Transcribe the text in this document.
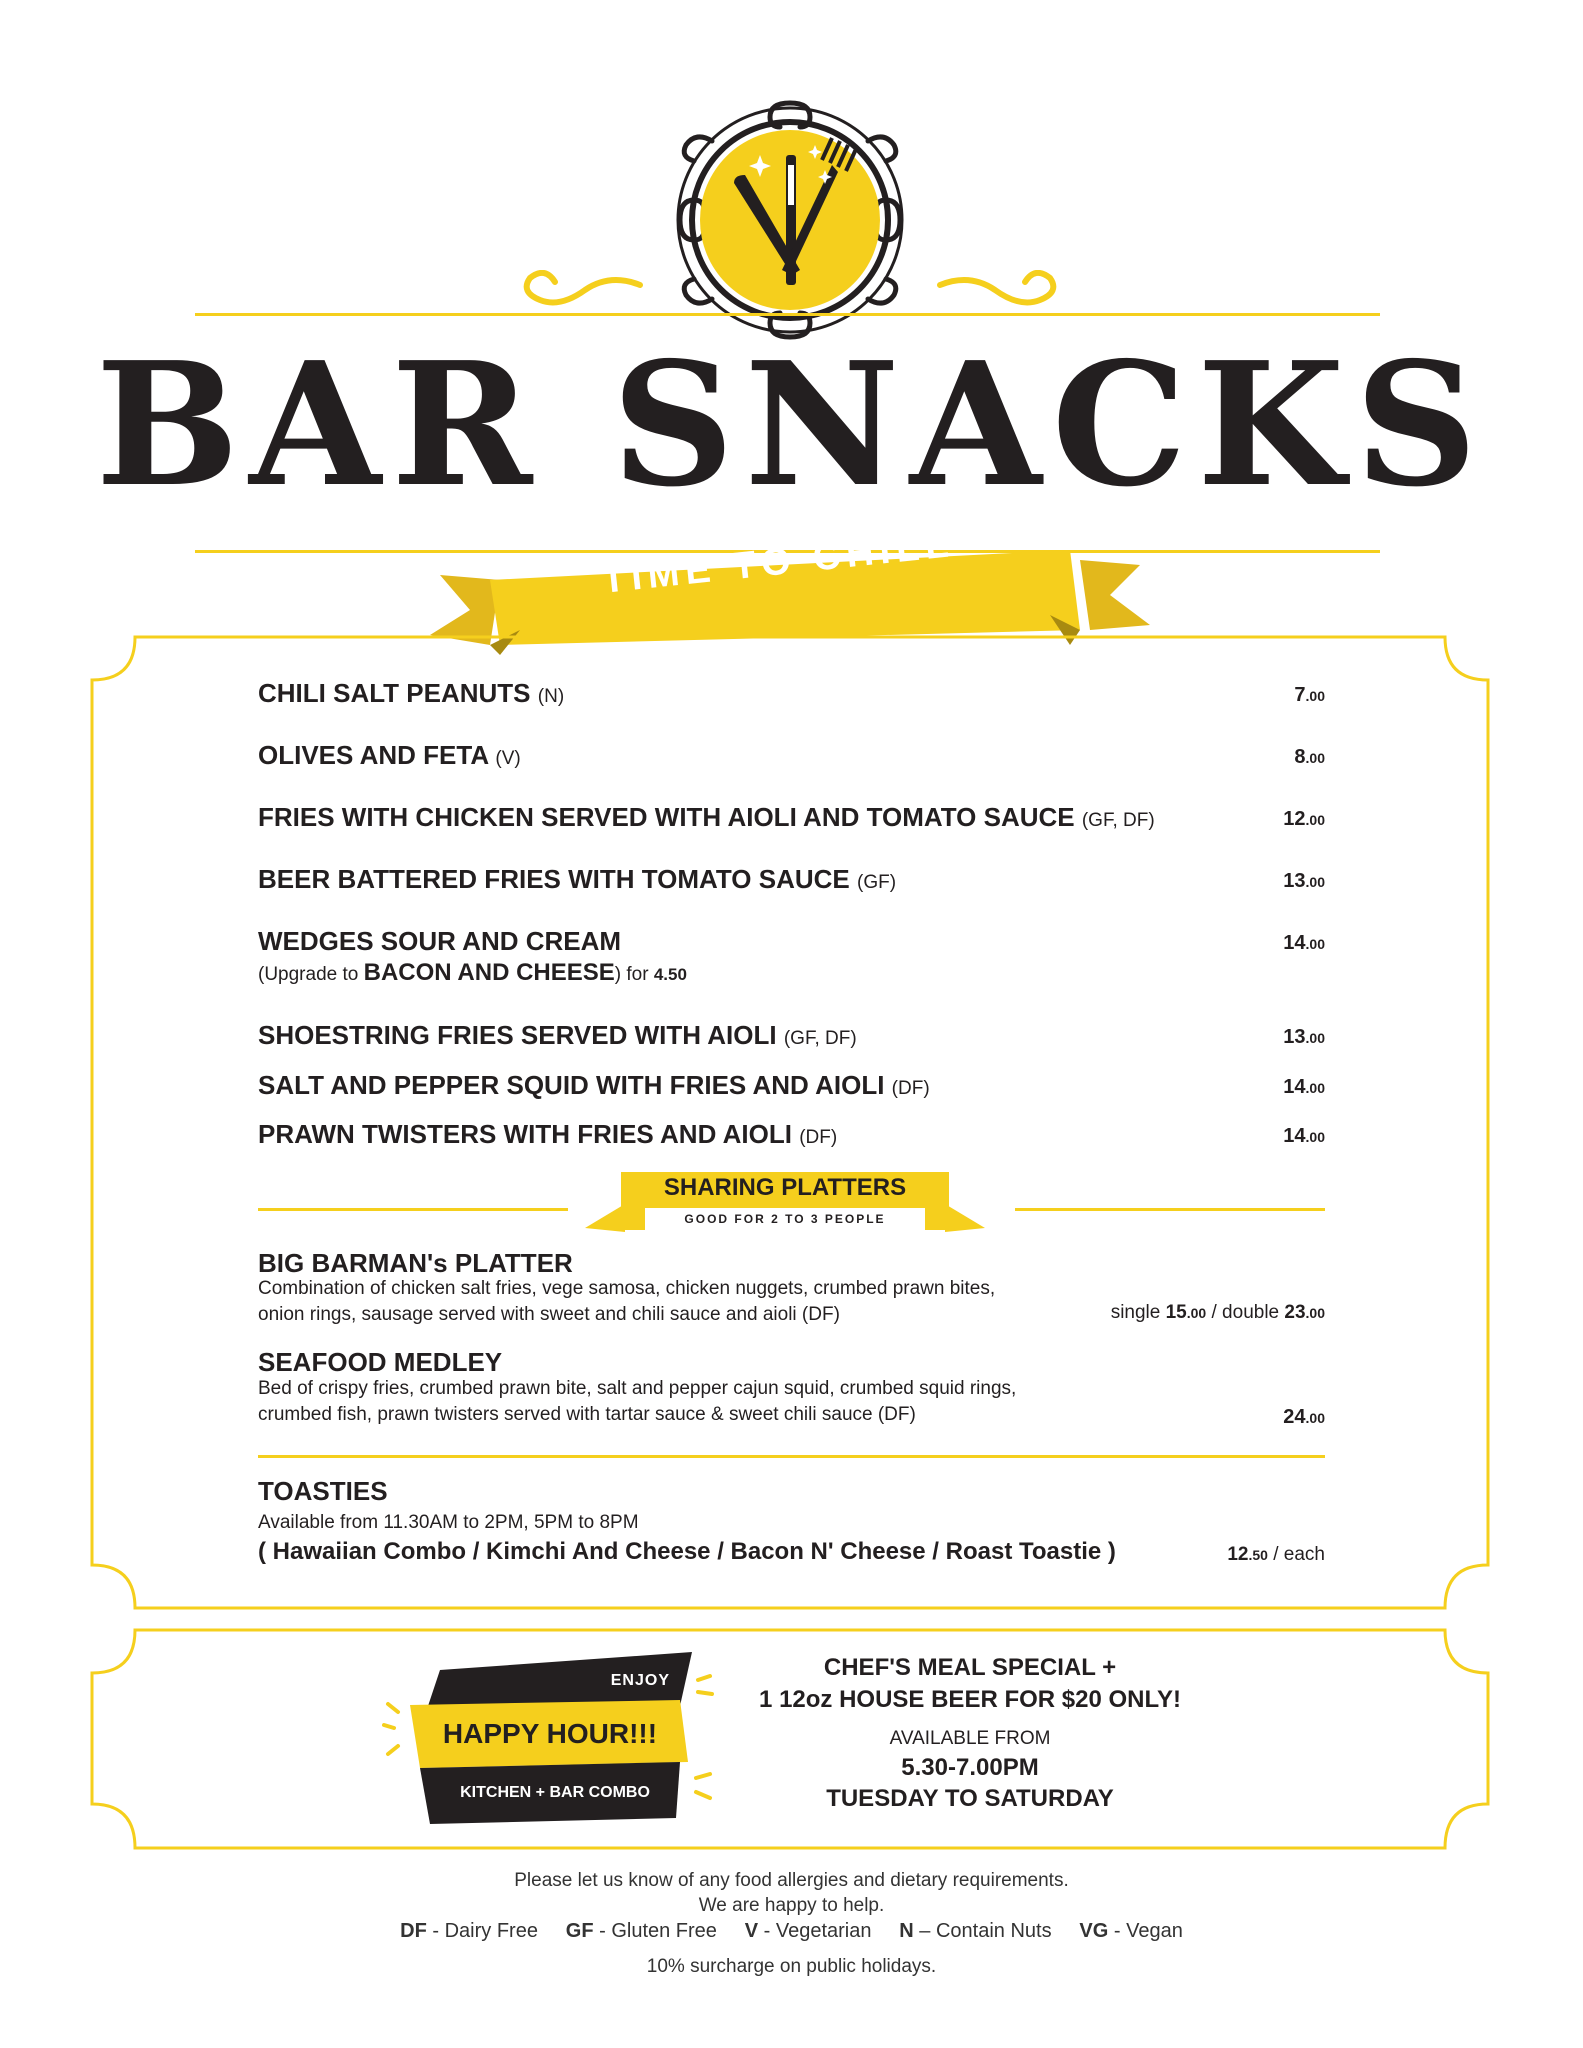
BAR SNACKS
TIME TO CHILL
CHILI SALT PEANUTS (N)	7.00
OLIVES AND FETA (V)	8.00
FRIES WITH CHICKEN SERVED WITH AIOLI AND TOMATO SAUCE (GF, DF)	12.00
BEER BATTERED FRIES WITH TOMATO SAUCE (GF)	13.00
WEDGES SOUR AND CREAM	14.00
(Upgrade to BACON AND CHEESE) for 4.50
SHOESTRING FRIES SERVED WITH AIOLI (GF, DF)	13.00
SALT AND PEPPER SQUID WITH FRIES AND AIOLI (DF)	14.00
PRAWN TWISTERS WITH FRIES AND AIOLI (DF)	14.00
SHARING PLATTERS
GOOD FOR 2 TO 3 PEOPLE
BIG BARMAN's PLATTER
Combination of chicken salt fries, vege samosa, chicken nuggets, crumbed prawn bites,
onion rings, sausage served with sweet and chili sauce and aioli (DF)	single 15.00 / double 23.00
SEAFOOD MEDLEY
Bed of crispy fries, crumbed prawn bite, salt and pepper cajun squid, crumbed squid rings,
crumbed fish, prawn twisters served with tartar sauce & sweet chili sauce (DF)	24.00
TOASTIES
Available from 11.30AM to 2PM, 5PM to 8PM
( Hawaiian Combo / Kimchi And Cheese / Bacon N' Cheese / Roast Toastie )	12.50 / each
ENJOY
HAPPY HOUR!!!
KITCHEN + BAR COMBO
CHEF'S MEAL SPECIAL +
1 12oz HOUSE BEER FOR $20 ONLY!
AVAILABLE FROM
5.30-7.00PM
TUESDAY TO SATURDAY
Please let us know of any food allergies and dietary requirements.
We are happy to help.
DF - Dairy Free GF - Gluten Free V - Vegetarian N – Contain Nuts VG - Vegan
10% surcharge on public holidays.
